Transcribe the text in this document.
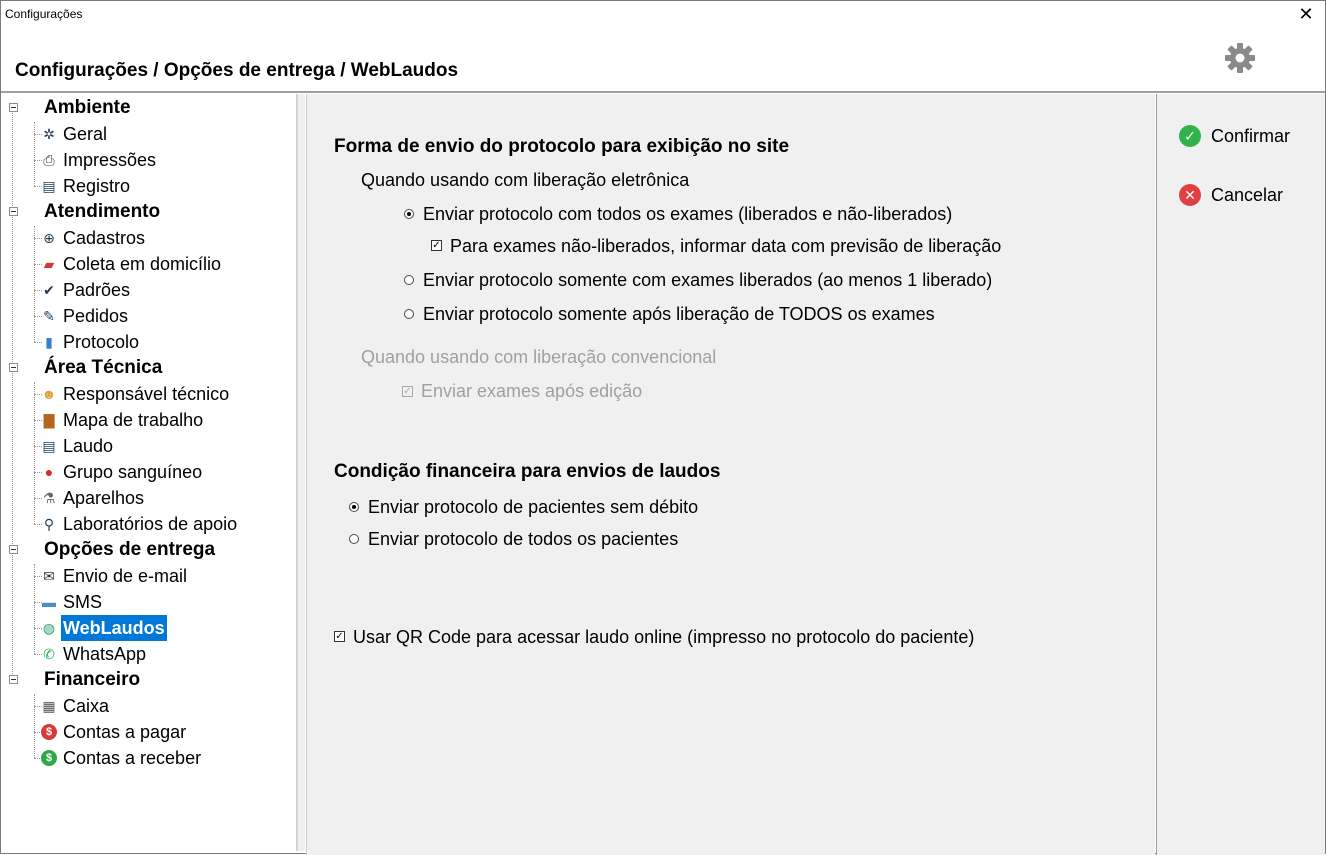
Configurações	✕
Configurações / Opções de entrega / WebLaudos
Ambiente
✲ Geral
⎙ Impressões
▤ Registro
Atendimento
⊕ Cadastros
▰ Coleta em domicílio
✔ Padrões
✎ Pedidos
▮ Protocolo
Área Técnica
☻ Responsável técnico
▇ Mapa de trabalho
▤ Laudo
● Grupo sanguíneo
⚗ Aparelhos
⚲ Laboratórios de apoio
Opções de entrega
✉ Envio de e-mail
▬ SMS
◍ WebLaudos
✆ WhatsApp
Financeiro
▦ Caixa
$ Contas a pagar
$ Contas a receber
Forma de envio do protocolo para exibição no site
Quando usando com liberação eletrônica
Enviar protocolo com todos os exames (liberados e não-liberados)
✓ Para exames não-liberados, informar data com previsão de liberação
Enviar protocolo somente com exames liberados (ao menos 1 liberado)
Enviar protocolo somente após liberação de TODOS os exames
Quando usando com liberação convencional
✓ Enviar exames após edição
Condição financeira para envios de laudos
Enviar protocolo de pacientes sem débito
Enviar protocolo de todos os pacientes
✓ Usar QR Code para acessar laudo online (impresso no protocolo do paciente)
✓ Confirmar
✕ Cancelar
